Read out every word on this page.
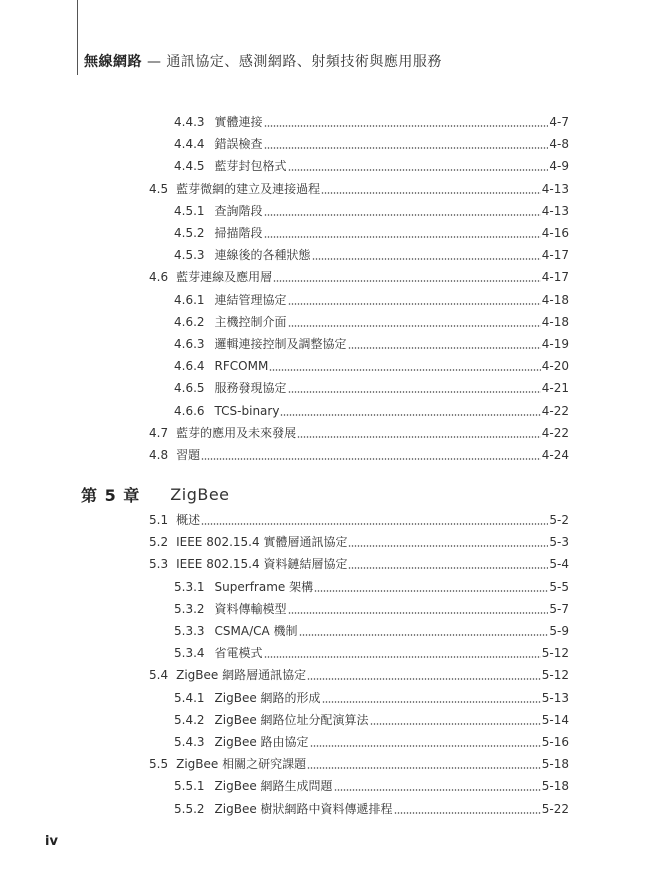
無線網路 — 通訊協定、感測網路、射頻技術與應用服務
4.4.3 實體連接	4-7
4.4.4 錯誤檢查	4-8
4.4.5 藍芽封包格式	4-9
4.5 藍芽微網的建立及連接過程	4-13
4.5.1 查詢階段	4-13
4.5.2 掃描階段	4-16
4.5.3 連線後的各種狀態	4-17
4.6 藍芽連線及應用層	4-17
4.6.1 連結管理協定	4-18
4.6.2 主機控制介面	4-18
4.6.3 邏輯連接控制及調整協定	4-19
4.6.4 RFCOMM	4-20
4.6.5 服務發現協定	4-21
4.6.6 TCS-binary	4-22
4.7 藍芽的應用及未來發展	4-22
4.8 習題	4-24
第 5 章 ZigBee
5.1 概述	5-2
5.2 IEEE 802.15.4 實體層通訊協定	5-3
5.3 IEEE 802.15.4 資料鏈結層協定	5-4
5.3.1 Superframe 架構	5-5
5.3.2 資料傳輸模型	5-7
5.3.3 CSMA/CA 機制	5-9
5.3.4 省電模式	5-12
5.4 ZigBee 網路層通訊協定	5-12
5.4.1 ZigBee 網路的形成	5-13
5.4.2 ZigBee 網路位址分配演算法	5-14
5.4.3 ZigBee 路由協定	5-16
5.5 ZigBee 相關之研究課題	5-18
5.5.1 ZigBee 網路生成問題	5-18
5.5.2 ZigBee 樹狀網路中資料傳遞排程	5-22
iv
